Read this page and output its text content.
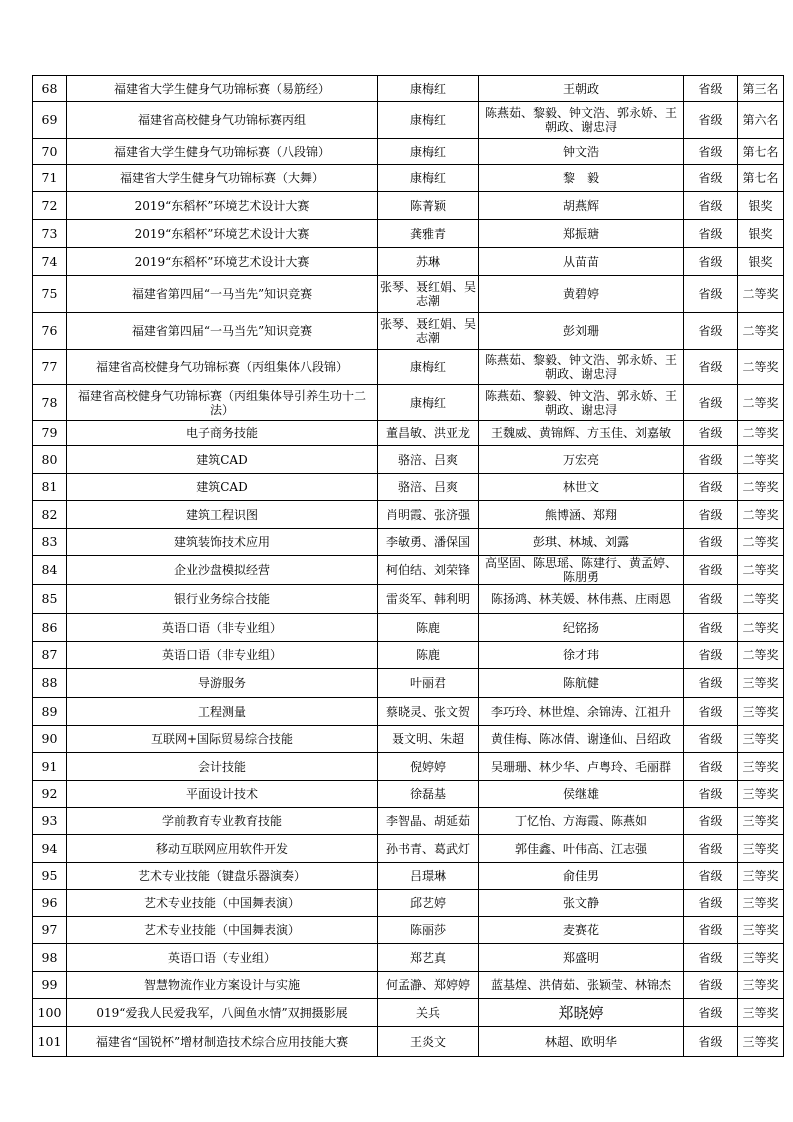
68	福建省大学生健身气功锦标赛（易筋经）	康梅红	王朝政	省级	第三名
69	福建省高校健身气功锦标赛丙组	康梅红	陈燕茹、黎毅、钟文浩、郭永娇、王朝政、谢忠浔	省级	第六名
70	福建省大学生健身气功锦标赛（八段锦）	康梅红	钟文浩	省级	第七名
71	福建省大学生健身气功锦标赛（大舞）	康梅红	黎　毅	省级	第七名
72	2019“东稻杯”环境艺术设计大赛	陈菁颖	胡燕辉	省级	银奖
73	2019“东稻杯”环境艺术设计大赛	龚雅青	郑振瑭	省级	银奖
74	2019“东稻杯”环境艺术设计大赛	苏琳	从苗苗	省级	银奖
75	福建省第四届“一马当先”知识竞赛	张琴、聂红娟、吴志潮	黄碧婷	省级	二等奖
76	福建省第四届“一马当先”知识竞赛	张琴、聂红娟、吴志潮	彭刘珊	省级	二等奖
77	福建省高校健身气功锦标赛（丙组集体八段锦）	康梅红	陈燕茹、黎毅、钟文浩、郭永娇、王朝政、谢忠浔	省级	二等奖
78	福建省高校健身气功锦标赛（丙组集体导引养生功十二法）	康梅红	陈燕茹、黎毅、钟文浩、郭永娇、王朝政、谢忠浔	省级	二等奖
79	电子商务技能	董昌敏、洪亚龙	王魏威、黄锦辉、方玉佳、刘嘉敏	省级	二等奖
80	建筑CAD	骆涪、吕爽	万宏亮	省级	二等奖
81	建筑CAD	骆涪、吕爽	林世文	省级	二等奖
82	建筑工程识图	肖明霞、张济强	熊博涵、郑翔	省级	二等奖
83	建筑装饰技术应用	李敏勇、潘保国	彭琪、林城、刘露	省级	二等奖
84	企业沙盘模拟经营	柯伯结、刘荣锋	高坚固、陈思瑶、陈建行、黄孟婷、陈朋勇	省级	二等奖
85	银行业务综合技能	雷炎军、韩利明	陈扬鸿、林芙媛、林伟燕、庄雨恩	省级	二等奖
86	英语口语（非专业组）	陈鹿	纪铭扬	省级	二等奖
87	英语口语（非专业组）	陈鹿	徐才玮	省级	二等奖
88	导游服务	叶丽君	陈航健	省级	三等奖
89	工程测量	蔡晓灵、张文贺	李巧玲、林世煌、余锦涛、江祖升	省级	三等奖
90	互联网+国际贸易综合技能	聂文明、朱超	黄佳梅、陈冰倩、谢逢仙、吕绍政	省级	三等奖
91	会计技能	倪婷婷	吴珊珊、林少华、卢粤玲、毛丽群	省级	三等奖
92	平面设计技术	徐磊基	侯继雄	省级	三等奖
93	学前教育专业教育技能	李智晶、胡延茹	丁忆怡、方海霞、陈燕如	省级	三等奖
94	移动互联网应用软件开发	孙书青、葛武灯	郭佳鑫、叶伟高、江志强	省级	三等奖
95	艺术专业技能（键盘乐器演奏）	吕璟琳	俞佳男	省级	三等奖
96	艺术专业技能（中国舞表演）	邱艺婷	张文静	省级	三等奖
97	艺术专业技能（中国舞表演）	陈丽莎	麦赛花	省级	三等奖
98	英语口语（专业组）	郑艺真	郑盛明	省级	三等奖
99	智慧物流作业方案设计与实施	何孟瀞、郑婷婷	蓝基煌、洪倩茹、张颖莹、林锦杰	省级	三等奖
100	019“爱我人民爱我军，八闽鱼水情”双拥摄影展	关兵	郑晓婷	省级	三等奖
101	福建省“国锐杯”增材制造技术综合应用技能大赛	王炎文	林超、欧明华	省级	三等奖
